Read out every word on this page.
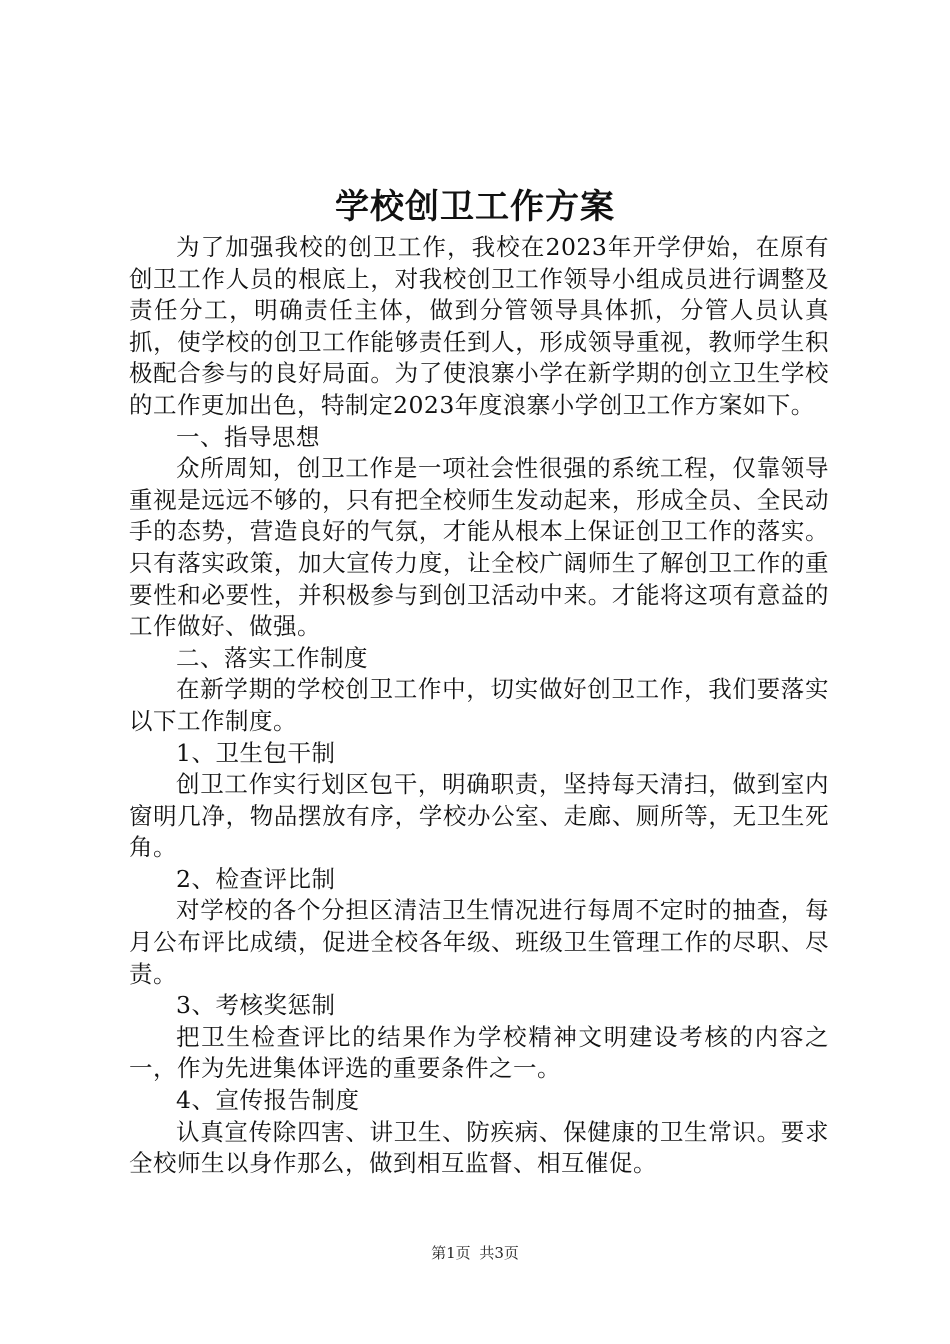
学校创卫工作方案

为了加强我校的创卫工作，我校在2023年开学伊始，在原有创卫工作人员的根底上，对我校创卫工作领导小组成员进行调整及责任分工，明确责任主体，做到分管领导具体抓，分管人员认真抓，使学校的创卫工作能够责任到人，形成领导重视，教师学生积极配合参与的良好局面。为了使浪寨小学在新学期的创立卫生学校的工作更加出色，特制定2023年度浪寨小学创卫工作方案如下。

一、指导思想

众所周知，创卫工作是一项社会性很强的系统工程，仅靠领导重视是远远不够的，只有把全校师生发动起来，形成全员、全民动手的态势，营造良好的气氛，才能从根本上保证创卫工作的落实。只有落实政策，加大宣传力度，让全校广阔师生了解创卫工作的重要性和必要性，并积极参与到创卫活动中来。才能将这项有意益的工作做好、做强。

二、落实工作制度

在新学期的学校创卫工作中，切实做好创卫工作，我们要落实以下工作制度。

1、卫生包干制

创卫工作实行划区包干，明确职责，坚持每天清扫，做到室内窗明几净，物品摆放有序，学校办公室、走廊、厕所等，无卫生死角。

2、检查评比制

对学校的各个分担区清洁卫生情况进行每周不定时的抽查，每月公布评比成绩，促进全校各年级、班级卫生管理工作的尽职、尽责。

3、考核奖惩制

把卫生检查评比的结果作为学校精神文明建设考核的内容之一，作为先进集体评选的重要条件之一。

4、宣传报告制度

认真宣传除四害、讲卫生、防疾病、保健康的卫生常识。要求全校师生以身作那么，做到相互监督、相互催促。

第1页 共3页
